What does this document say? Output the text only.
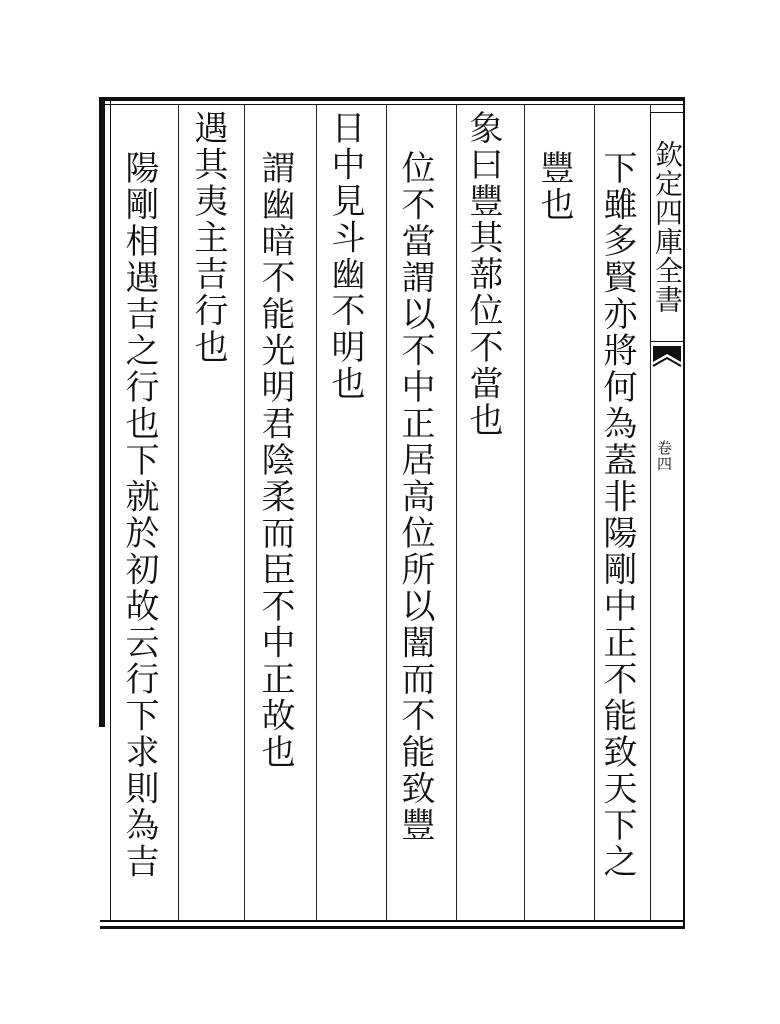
欽定四庫全書
卷四
下雖多賢亦將何為蓋非陽剛中正不能致天下之
豐也
象曰豐其蔀位不當也
位不當謂以不中正居高位所以闇而不能致豐
日中見斗幽不明也
謂幽暗不能光明君陰柔而臣不中正故也
遇其夷主吉行也
陽剛相遇吉之行也下就於初故云行下求則為吉
